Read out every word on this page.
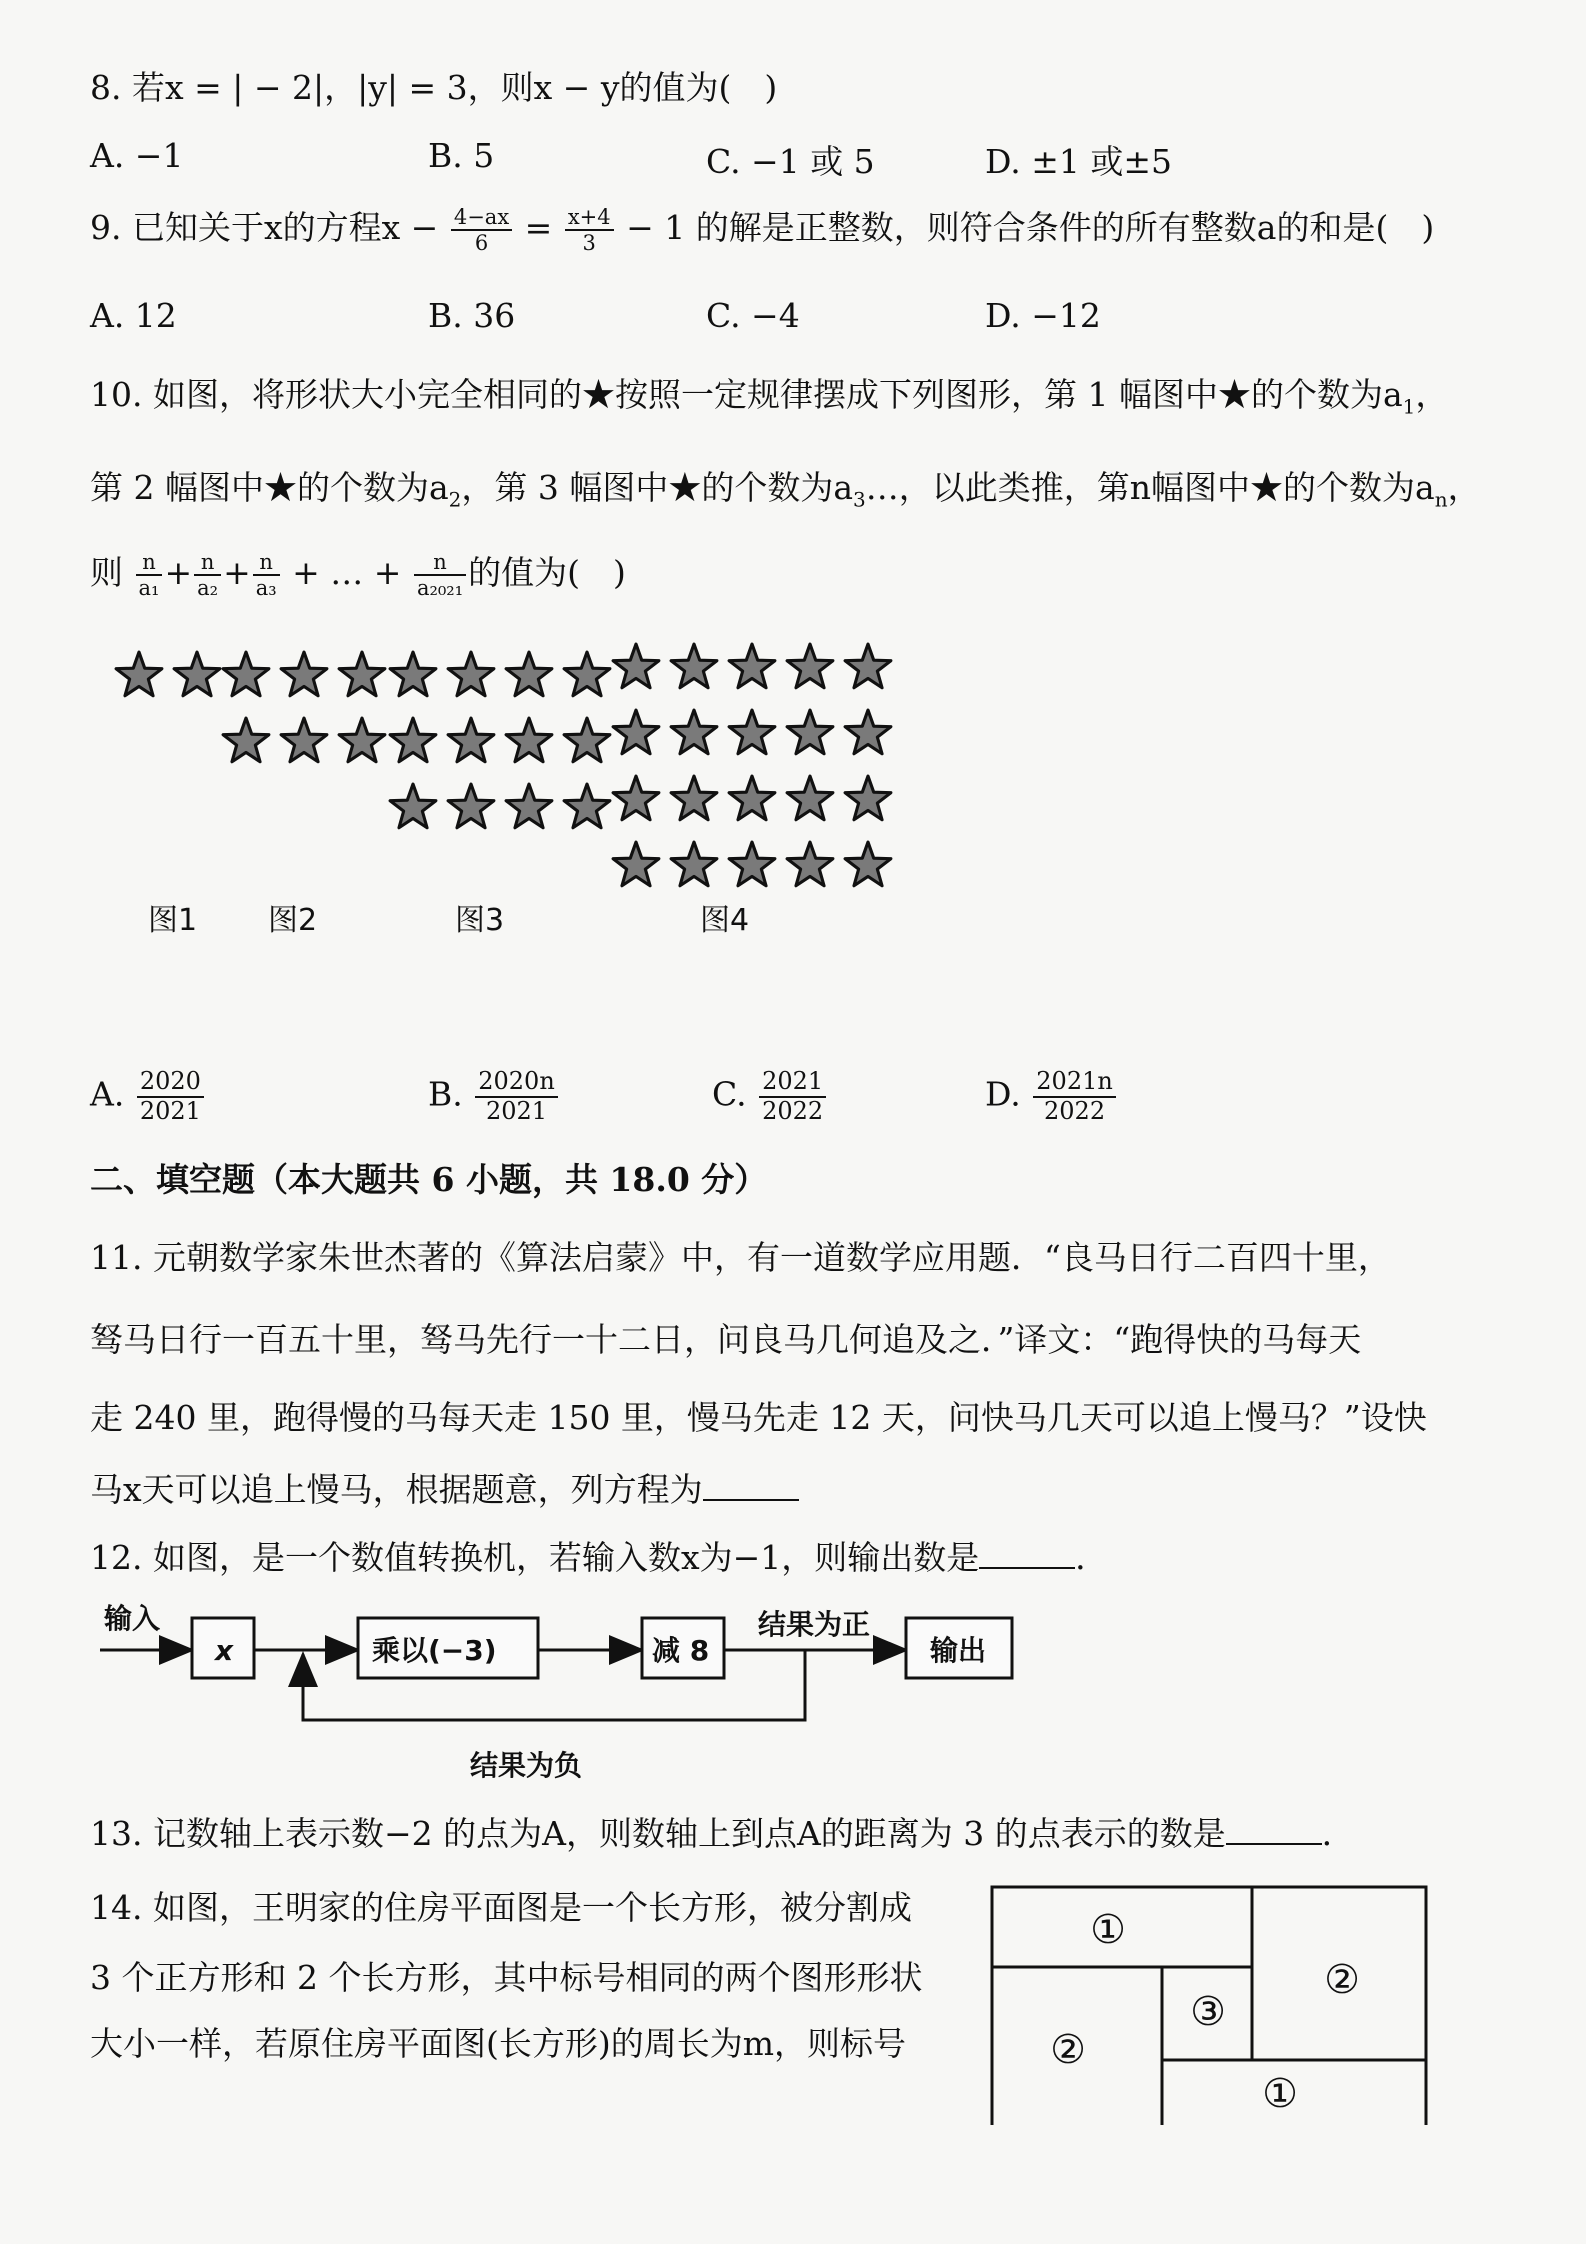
8. 若x = | − 2|，|y| = 3，则x − y的值为(　)
A. −1	B. 5	C. −1 或 5	D. ±1 或±5
9. 已知关于x的方程$x - \frac{4-ax}{6} = \frac{x+4}{3} - 1$ 的解是正整数，则符合条件的所有整数a的和是(　)
A. 12	B. 36	C. −4	D. −12
10. 如图，将形状大小完全相同的★按照一定规律摆成下列图形，第 1 幅图中★的个数为$a_1$，
第 2 幅图中★的个数为$a_2$，第 3 幅图中★的个数为$a_3\dots$，以此类推，第n幅图中★的个数为$a_n$，
则 $\frac{n}{\text{a₁}} + \frac{n}{\text{a₂}} + \frac{n}{\text{a₃}}$ + … + $\frac{n}{\text{a₂₀₂₁}}$ 的值为(　)
图1 图2	图3	图4
A. $\frac{2020}{2021}$	B. $\frac{2020n}{2021}$	C. $\frac{2021}{2022}$	D. $\frac{2021n}{2022}$
二、填空题（本大题共 6 小题，共 18.0 分）
11. 元朝数学家朱世杰著的《算法启蒙》中，有一道数学应用题．“良马日行二百四十里，
驽马日行一百五十里，驽马先行一十二日，问良马几何追及之．”译文：“跑得快的马每天
走 240 里，跑得慢的马每天走 150 里，慢马先走 12 天，问快马几天可以追上慢马？”设快
马x天可以追上慢马，根据题意，列方程为
12. 如图，是一个数值转换机，若输入数x为−1，则输出数是	．
输入
x	乘以(−3)	减 8
结果为正
输出
结果为负
13. 记数轴上表示数−2 的点为A，则数轴上到点A的距离为 3 的点表示的数是	．
14. 如图，王明家的住房平面图是一个长方形，被分割成
3 个正方形和 2 个长方形，其中标号相同的两个图形形状
大小一样，若原住房平面图(长方形)的周长为m，则标号
①
②
③
②
①
